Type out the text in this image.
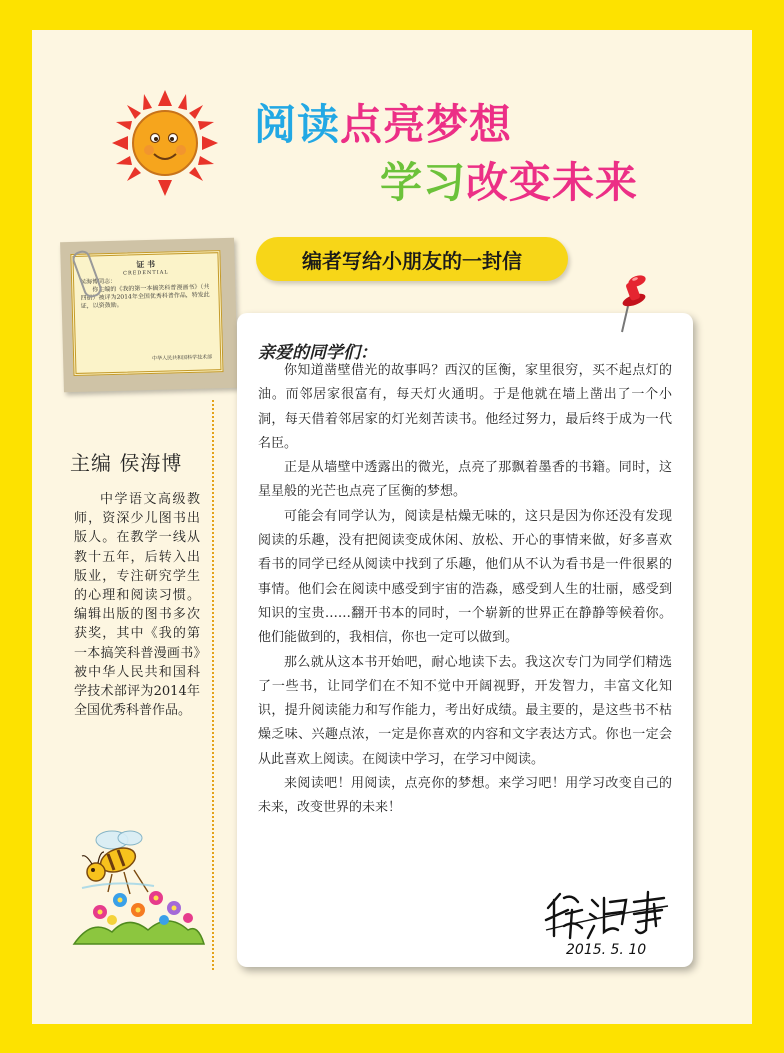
阅读点亮梦想
学习改变未来
编者写给小朋友的一封信
证 书
CREDENTIAL
侯海博同志：
你主编的《我的第一本搞笑科普漫画书》（共四册）被评为2014年全国优秀科普作品，特发此证，以资鼓励。
中华人民共和国科学技术部
主编 侯海博
中学语文高级教师，资深少儿图书出版人。在教学一线从教十五年，后转入出版业，专注研究学生的心理和阅读习惯。编辑出版的图书多次获奖，其中《我的第一本搞笑科普漫画书》被中华人民共和国科学技术部评为2014年全国优秀科普作品。
亲爱的同学们：

你知道凿壁借光的故事吗？西汉的匡衡，家里很穷，买不起点灯的油。而邻居家很富有，每天灯火通明。于是他就在墙上凿出了一个小洞，每天借着邻居家的灯光刻苦读书。他经过努力，最后终于成为一代名臣。

正是从墙壁中透露出的微光，点亮了那飘着墨香的书籍。同时，这星星般的光芒也点亮了匡衡的梦想。

可能会有同学认为，阅读是枯燥无味的，这只是因为你还没有发现阅读的乐趣，没有把阅读变成休闲、放松、开心的事情来做，好多喜欢看书的同学已经从阅读中找到了乐趣，他们从不认为看书是一件很累的事情。他们会在阅读中感受到宇宙的浩淼，感受到人生的壮丽，感受到知识的宝贵……翻开书本的同时，一个崭新的世界正在静静等候着你。他们能做到的，我相信，你也一定可以做到。

那么就从这本书开始吧，耐心地读下去。我这次专门为同学们精选了一些书，让同学们在不知不觉中开阔视野，开发智力，丰富文化知识，提升阅读能力和写作能力，考出好成绩。最主要的，是这些书不枯燥乏味、兴趣点浓，一定是你喜欢的内容和文字表达方式。你也一定会从此喜欢上阅读。在阅读中学习，在学习中阅读。

来阅读吧！用阅读，点亮你的梦想。来学习吧！用学习改变自己的未来，改变世界的未来！

2015. 5. 10
